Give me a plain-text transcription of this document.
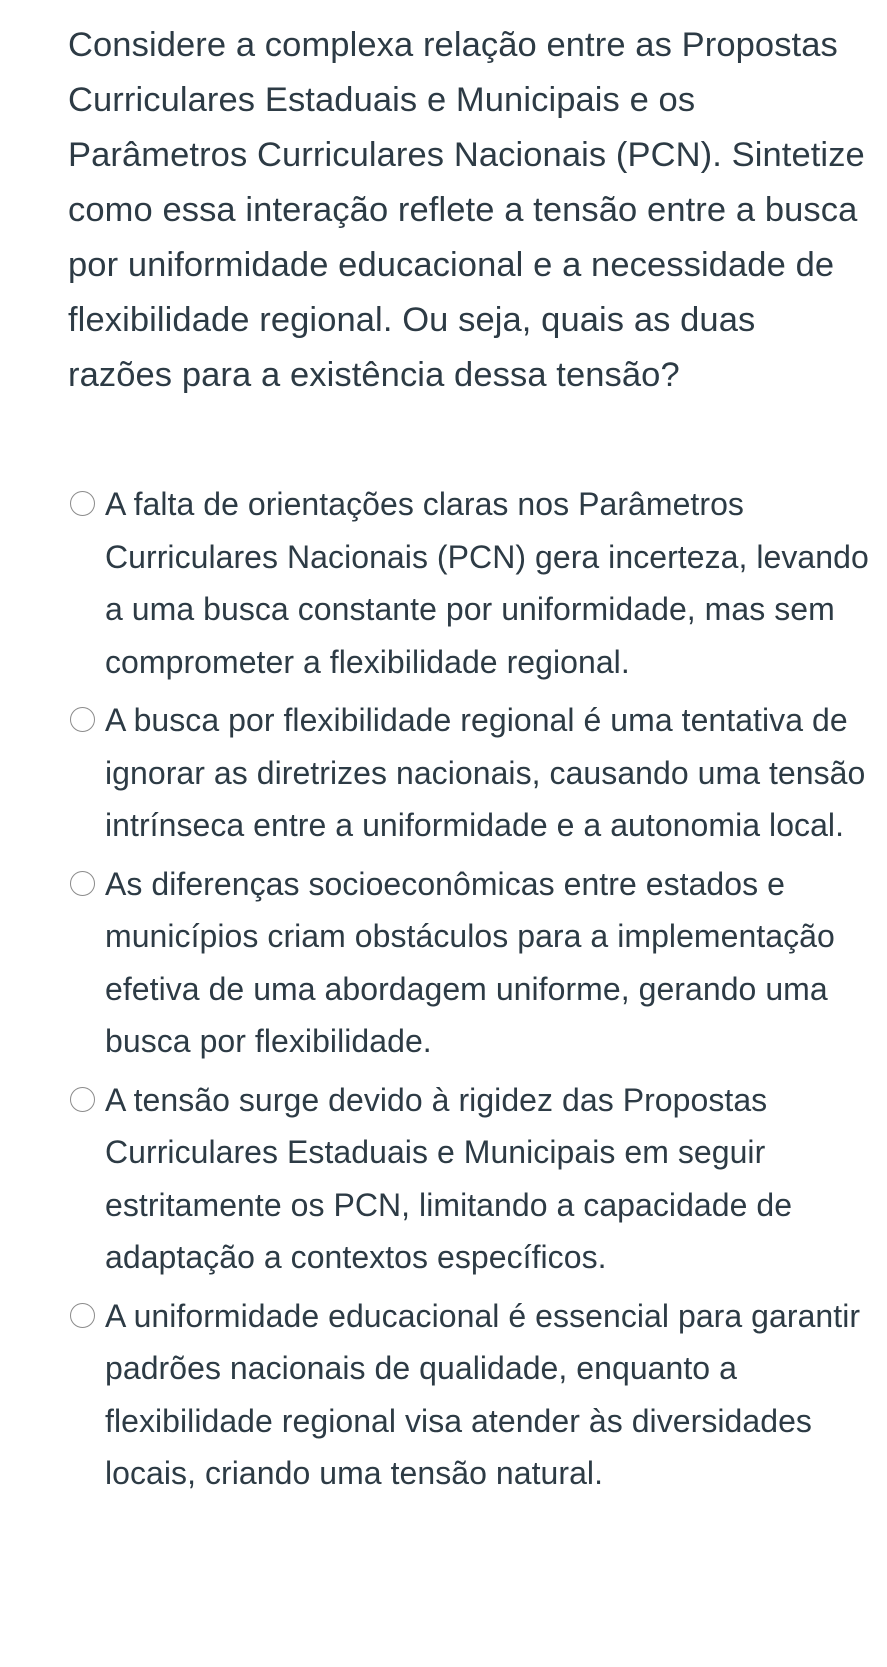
Considere a complexa relação entre as Propostas Curriculares Estaduais e Municipais e os Parâmetros Curriculares Nacionais (PCN). Sintetize como essa interação reflete a tensão entre a busca por uniformidade educacional e a necessidade de flexibilidade regional. Ou seja, quais as duas razões para a existência dessa tensão?
A falta de orientações claras nos Parâmetros Curriculares Nacionais (PCN) gera incerteza, levando a uma busca constante por uniformidade, mas sem comprometer a flexibilidade regional.
A busca por flexibilidade regional é uma tentativa de ignorar as diretrizes nacionais, causando uma tensão intrínseca entre a uniformidade e a autonomia local.
As diferenças socioeconômicas entre estados e municípios criam obstáculos para a implementação efetiva de uma abordagem uniforme, gerando uma busca por flexibilidade.
A tensão surge devido à rigidez das Propostas Curriculares Estaduais e Municipais em seguir estritamente os PCN, limitando a capacidade de adaptação a contextos específicos.
A uniformidade educacional é essencial para garantir padrões nacionais de qualidade, enquanto a flexibilidade regional visa atender às diversidades locais, criando uma tensão natural.
